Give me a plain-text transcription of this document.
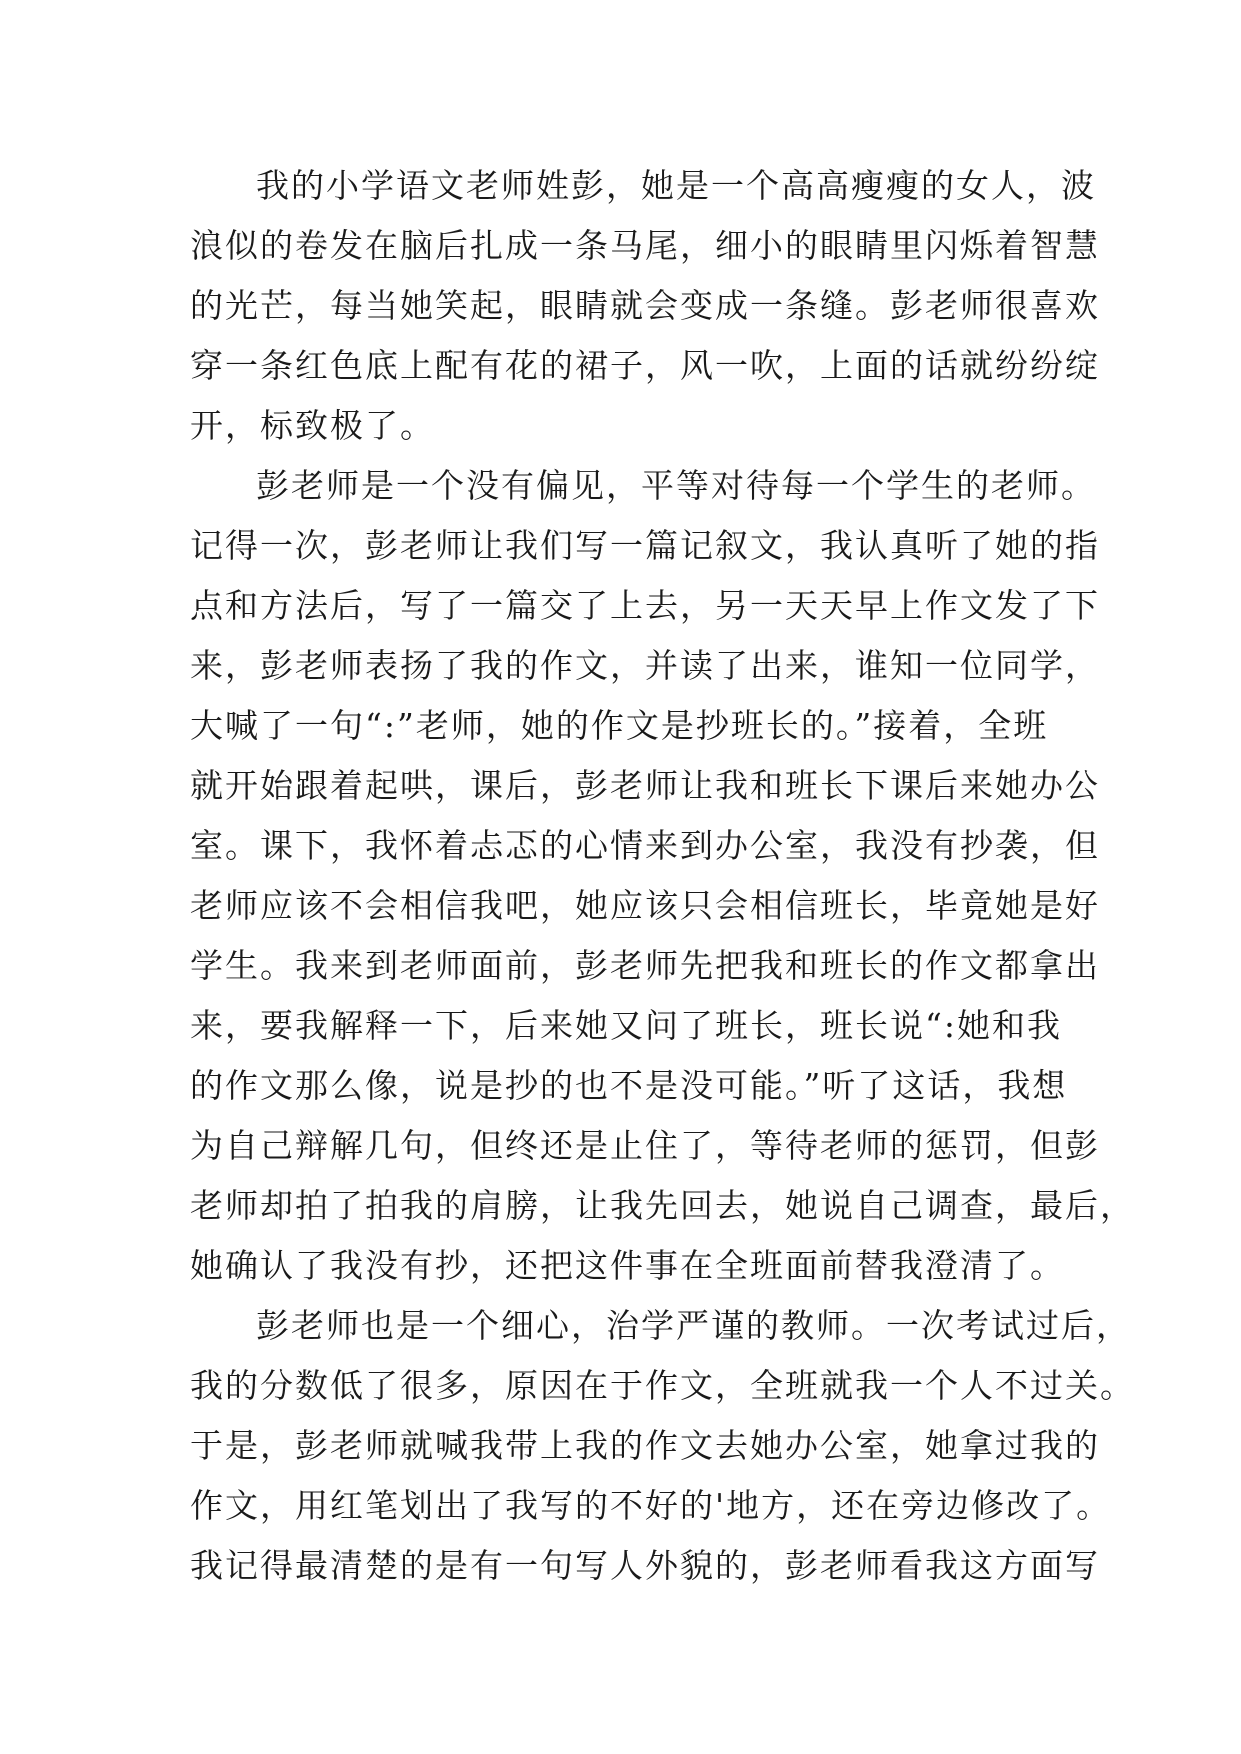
我的小学语文老师姓彭，她是一个高高瘦瘦的女人，波
浪似的卷发在脑后扎成一条马尾，细小的眼睛里闪烁着智慧
的光芒，每当她笑起，眼睛就会变成一条缝。彭老师很喜欢
穿一条红色底上配有花的裙子，风一吹，上面的话就纷纷绽
开，标致极了。
彭老师是一个没有偏见，平等对待每一个学生的老师。
记得一次，彭老师让我们写一篇记叙文，我认真听了她的指
点和方法后，写了一篇交了上去，另一天天早上作文发了下
来，彭老师表扬了我的作文，并读了出来，谁知一位同学，
大喊了一句“:”老师，她的作文是抄班长的。”接着，全班
就开始跟着起哄，课后，彭老师让我和班长下课后来她办公
室。课下，我怀着忐忑的心情来到办公室，我没有抄袭，但
老师应该不会相信我吧，她应该只会相信班长，毕竟她是好
学生。我来到老师面前，彭老师先把我和班长的作文都拿出
来，要我解释一下，后来她又问了班长，班长说“:她和我
的作文那么像，说是抄的也不是没可能。”听了这话，我想
为自己辩解几句，但终还是止住了，等待老师的惩罚，但彭
老师却拍了拍我的肩膀，让我先回去，她说自己调查，最后，
她确认了我没有抄，还把这件事在全班面前替我澄清了。
彭老师也是一个细心，治学严谨的教师。一次考试过后，
我的分数低了很多，原因在于作文，全班就我一个人不过关。
于是，彭老师就喊我带上我的作文去她办公室，她拿过我的
作文，用红笔划出了我写的不好的'地方，还在旁边修改了。
我记得最清楚的是有一句写人外貌的，彭老师看我这方面写
